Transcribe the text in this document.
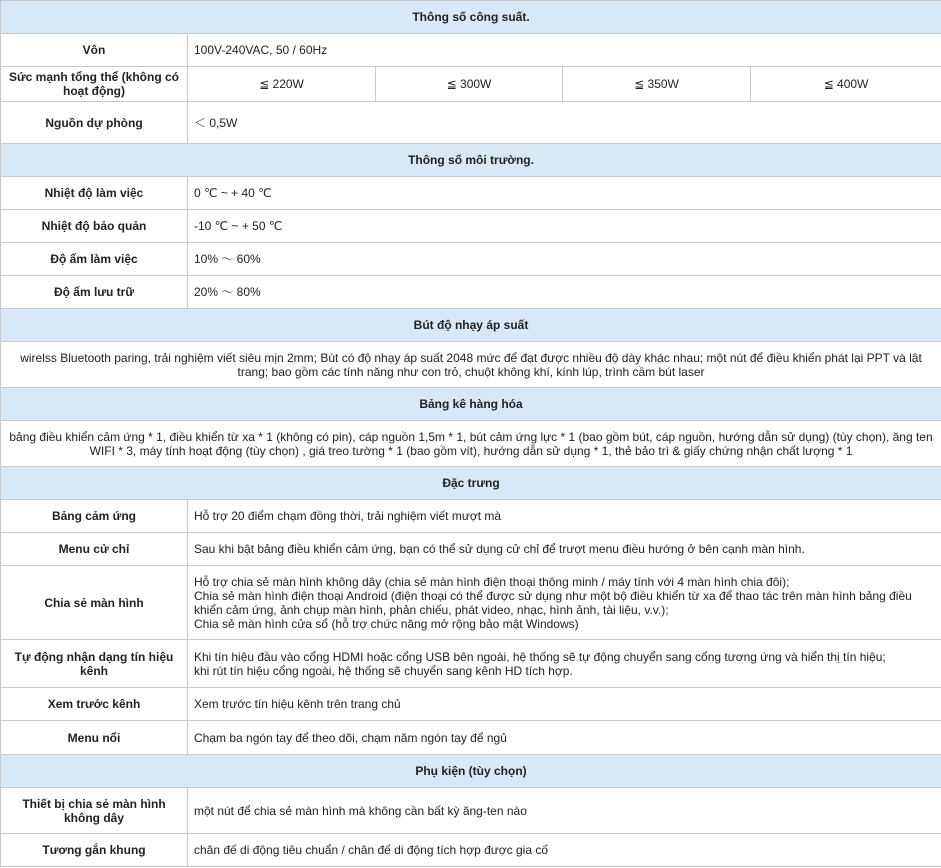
Thông số công suất.				
Vôn	100V-240VAC, 50 / 60Hz			
Sức mạnh tổng thể (không có hoạt động)	≦ 220W	≦ 300W	≦ 350W	≦ 400W
Nguồn dự phòng	＜ 0,5W			
Thông số môi trường.				
Nhiệt độ làm việc	0 ℃ ~ + 40 ℃			
Nhiệt độ bảo quản	-10 ℃ ~ + 50 ℃			
Độ ẩm làm việc	10% ～ 60%			
Độ ẩm lưu trữ	20% ～ 80%			
Bút độ nhạy áp suất				
wirelss Bluetooth paring, trải nghiệm viết siêu mịn 2mm; Bút có độ nhạy áp suất 2048 mức để đạt được nhiều độ dày khác nhau; một nút để điều khiển phát lại PPT và lật trang; bao gồm các tính năng như con trỏ, chuột không khí, kính lúp, trình cầm bút laser				
Bảng kê hàng hóa				
bảng điều khiển cảm ứng * 1, điều khiển từ xa * 1 (không có pin), cáp nguồn 1,5m * 1, bút cảm ứng lực * 1 (bao gồm bút, cáp nguồn, hướng dẫn sử dụng) (tùy chọn), ăng ten WIFI * 3, máy tính hoạt động (tùy chọn) , giá treo tường * 1 (bao gồm vít), hướng dẫn sử dụng * 1, thẻ bảo trì & giấy chứng nhận chất lượng * 1				
Đặc trưng				
Bảng cảm ứng	Hỗ trợ 20 điểm chạm đồng thời, trải nghiệm viết mượt mà			
Menu cử chỉ	Sau khi bật bảng điều khiển cảm ứng, bạn có thể sử dụng cử chỉ để trượt menu điều hướng ở bên cạnh màn hình.			
Chia sẻ màn hình	Hỗ trợ chia sẻ màn hình không dây (chia sẻ màn hình điện thoại thông minh / máy tính với 4 màn hình chia đôi);
Chia sẻ màn hình điện thoại Android (điện thoại có thể được sử dụng như một bộ điều khiển từ xa để thao tác trên màn hình bảng điều khiển cảm ứng, ảnh chụp màn hình, phản chiếu, phát video, nhạc, hình ảnh, tài liệu, v.v.);
Chia sẻ màn hình cửa sổ (hỗ trợ chức năng mở rộng bảo mật Windows)			

Tự động nhận dạng tín hiệu kênh	Khi tín hiệu đầu vào cổng HDMI hoặc cổng USB bên ngoài, hệ thống sẽ tự động chuyển sang cổng tương ứng và hiển thị tín hiệu;
khi rút tín hiệu cổng ngoài, hệ thống sẽ chuyển sang kênh HD tích hợp.			

Xem trước kênh	Xem trước tín hiệu kênh trên trang chủ			
Menu nổi	Chạm ba ngón tay để theo dõi, chạm năm ngón tay để ngủ			
Phụ kiện (tùy chọn)				
Thiết bị chia sẻ màn hình không dây	một nút để chia sẻ màn hình mà không cần bất kỳ ăng-ten nào			
Tương gắn khung	chân đế di động tiêu chuẩn / chân đế di động tích hợp được gia cố			
